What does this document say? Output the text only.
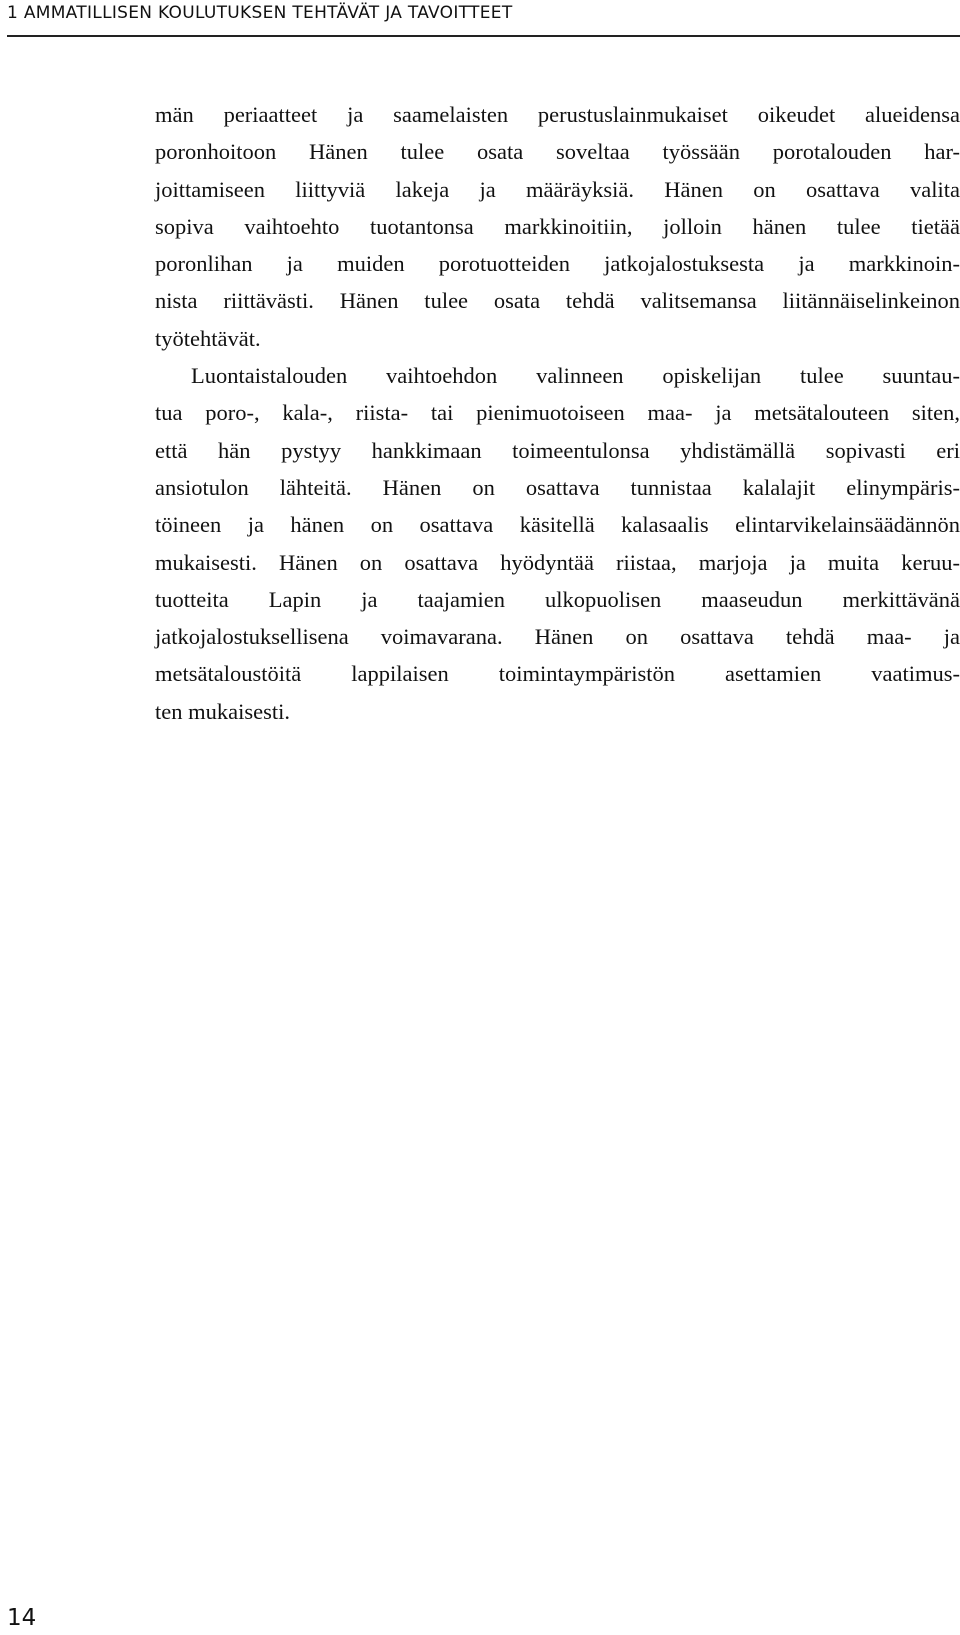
1 AMMATILLISEN KOULUTUKSEN TEHTÄVÄT JA TAVOITTEET
män periaatteet ja saamelaisten perustuslainmukaiset oikeudet alueidensa
poronhoitoon Hänen tulee osata soveltaa työssään porotalouden har-
joittamiseen liittyviä lakeja ja määräyksiä. Hänen on osattava valita
sopiva vaihtoehto tuotantonsa markkinoitiin, jolloin hänen tulee tietää
poronlihan ja muiden porotuotteiden jatkojalostuksesta ja markkinoin-
nista riittävästi. Hänen tulee osata tehdä valitsemansa liitännäiselinkeinon
työtehtävät.
Luontaistalouden vaihtoehdon valinneen opiskelijan tulee suuntau-
tua poro-, kala-, riista- tai pienimuotoiseen maa- ja metsätalouteen siten,
että hän pystyy hankkimaan toimeentulonsa yhdistämällä sopivasti eri
ansiotulon lähteitä. Hänen on osattava tunnistaa kalalajit elinympäris-
töineen ja hänen on osattava käsitellä kalasaalis elintarvikelainsäädännön
mukaisesti. Hänen on osattava hyödyntää riistaa, marjoja ja muita keruu-
tuotteita Lapin ja taajamien ulkopuolisen maaseudun merkittävänä
jatkojalostuksellisena voimavarana. Hänen on osattava tehdä maa- ja
metsätaloustöitä lappilaisen toimintaympäristön asettamien vaatimus-
ten mukaisesti.
14
